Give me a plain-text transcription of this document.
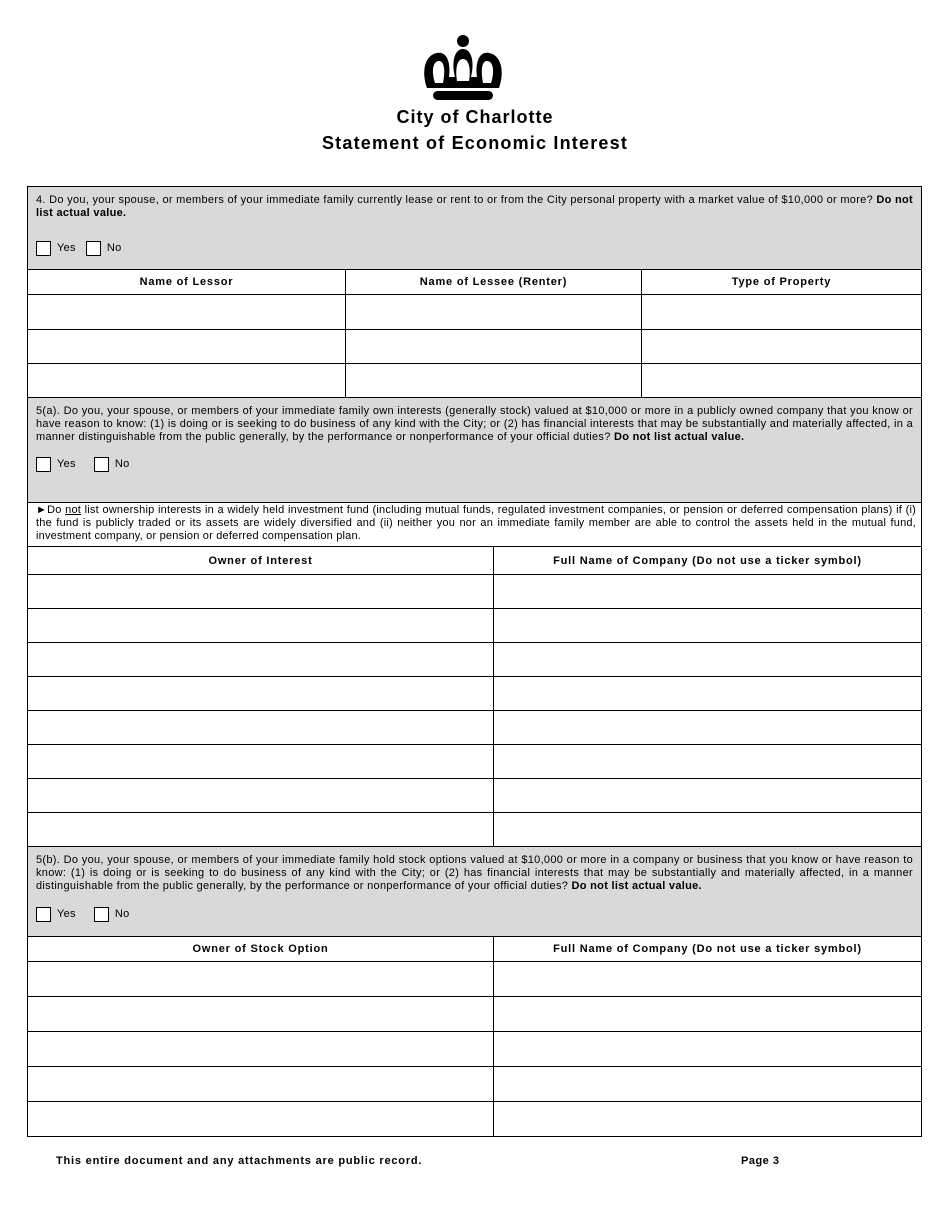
City of Charlotte
Statement of Economic Interest
4. Do you, your spouse, or members of your immediate family currently lease or rent to or from the City personal property with a market value of $10,000 or more? Do not list actual value.
Yes	No
Name of Lessor	Name of Lessee (Renter)	Type of Property
5(a). Do you, your spouse, or members of your immediate family own interests (generally stock) valued at $10,000 or more in a publicly owned company that you know or have reason to know: (1) is doing or is seeking to do business of any kind with the City; or (2) has financial interests that may be substantially and materially affected, in a manner distinguishable from the public generally, by the performance or nonperformance of your official duties? Do not list actual value.
Yes	No
►Do not list ownership interests in a widely held investment fund (including mutual funds, regulated investment companies, or pension or deferred compensation plans) if (i) the fund is publicly traded or its assets are widely diversified and (ii) neither you nor an immediate family member are able to control the assets held in the mutual fund, investment company, or pension or deferred compensation plan.
Owner of Interest	Full Name of Company (Do not use a ticker symbol)
5(b). Do you, your spouse, or members of your immediate family hold stock options valued at $10,000 or more in a company or business that you know or have reason to know: (1) is doing or is seeking to do business of any kind with the City; or (2) has financial interests that may be substantially and materially affected, in a manner distinguishable from the public generally, by the performance or nonperformance of your official duties? Do not list actual value.
Yes	No
Owner of Stock Option	Full Name of Company (Do not use a ticker symbol)
This entire document and any attachments are public record.	Page 3
